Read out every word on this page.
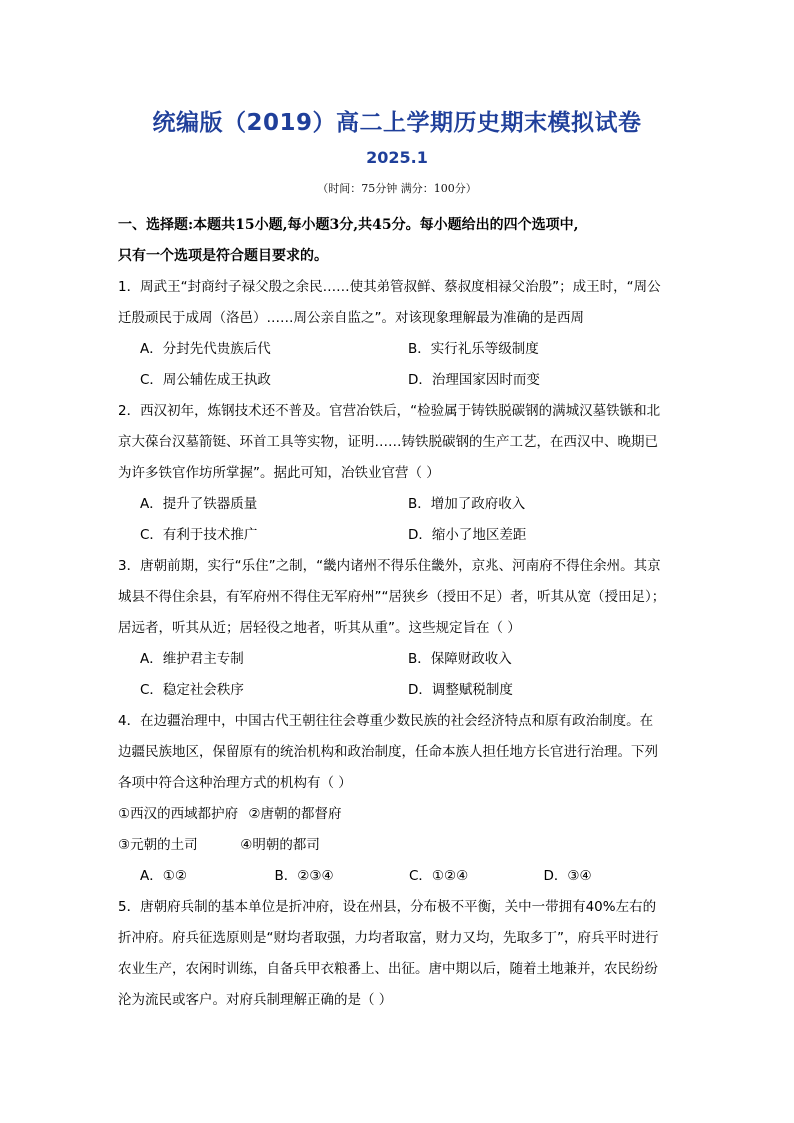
统编版（2019）高二上学期历史期末模拟试卷
2025.1
（时间：75分钟 满分：100分）
一、选择题:本题共15小题,每小题3分,共45分。每小题给出的四个选项中,
只有一个选项是符合题目要求的。
1．周武王“封商纣子禄父殷之余民……使其弟管叔鲜、蔡叔度相禄父治殷”；成王时，“周公
迁殷顽民于成周（洛邑）……周公亲自监之”。对该现象理解最为准确的是西周
A．分封先代贵族后代	B．实行礼乐等级制度
C．周公辅佐成王执政	D．治理国家因时而变
2．西汉初年，炼钢技术还不普及。官营冶铁后，“检验属于铸铁脱碳钢的满城汉墓铁镞和北
京大葆台汉墓箭铤、环首工具等实物，证明……铸铁脱碳钢的生产工艺，在西汉中、晚期已
为许多铁官作坊所掌握”。据此可知，冶铁业官营（ ）
A．提升了铁器质量	B．增加了政府收入
C．有利于技术推广	D．缩小了地区差距
3．唐朝前期，实行“乐住”之制，“畿内诸州不得乐住畿外，京兆、河南府不得住余州。其京
城县不得住余县，有军府州不得住无军府州”“居狭乡（授田不足）者，听其从宽（授田足）；
居远者，听其从近；居轻役之地者，听其从重”。这些规定旨在（ ）
A．维护君主专制	B．保障财政收入
C．稳定社会秩序	D．调整赋税制度
4．在边疆治理中，中国古代王朝往往会尊重少数民族的社会经济特点和原有政治制度。在
边疆民族地区，保留原有的统治机构和政治制度，任命本族人担任地方长官进行治理。下列
各项中符合这种治理方式的机构有（ ）
①西汉的西域都护府 ②唐朝的都督府
③元朝的土司	④明朝的都司
A．①②	B．②③④	C．①②④	D．③④
5．唐朝府兵制的基本单位是折冲府，设在州县，分布极不平衡，关中一带拥有40%左右的
折冲府。府兵征选原则是“财均者取强，力均者取富，财力又均，先取多丁”，府兵平时进行
农业生产，农闲时训练，自备兵甲衣粮番上、出征。唐中期以后，随着土地兼并，农民纷纷
沦为流民或客户。对府兵制理解正确的是（ ）
